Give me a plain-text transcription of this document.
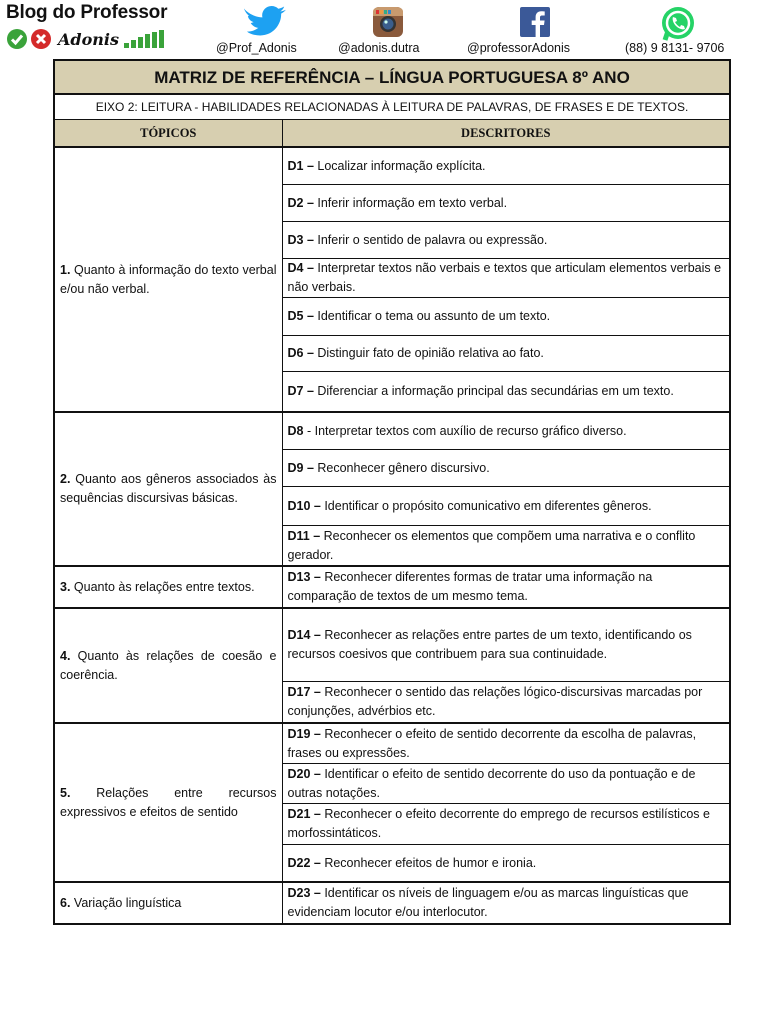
Blog do Professor
Adonis	@Prof_Adonis	@adonis.dutra	@professorAdonis	(88) 9 8131- 9706
MATRIZ DE REFERÊNCIA – LÍNGUA PORTUGUESA 8º ANO	
EIXO 2: LEITURA - HABILIDADES RELACIONADAS À LEITURA DE PALAVRAS, DE FRASES E DE TEXTOS.	
TÓPICOS	DESCRITORES
1. Quanto à informação do texto verbal e/ou não verbal.	D1 – Localizar informação explícita.
	D2 – Inferir informação em texto verbal.
	D3 – Inferir o sentido de palavra ou expressão.
	D4 – Interpretar textos não verbais e textos que articulam elementos verbais e não verbais.
	D5 – Identificar o tema ou assunto de um texto.
	D6 – Distinguir fato de opinião relativa ao fato.
	D7 – Diferenciar a informação principal das secundárias em um texto.
2. Quanto aos gêneros associados às sequências discursivas básicas.	D8 - Interpretar textos com auxílio de recurso gráfico diverso.
	D9 – Reconhecer gênero discursivo.
	D10 – Identificar o propósito comunicativo em diferentes gêneros.
	D11 – Reconhecer os elementos que compõem uma narrativa e o conflito gerador.
3. Quanto às relações entre textos.	D13 – Reconhecer diferentes formas de tratar uma informação na comparação de textos de um mesmo tema.
4. Quanto às relações de coesão e coerência.	D14 – Reconhecer as relações entre partes de um texto, identificando os recursos coesivos que contribuem para sua continuidade.
	D17 – Reconhecer o sentido das relações lógico-discursivas marcadas por conjunções, advérbios etc.
5. Relações entre recursos expressivos e efeitos de sentido	D19 – Reconhecer o efeito de sentido decorrente da escolha de palavras, frases ou expressões.
	D20 – Identificar o efeito de sentido decorrente do uso da pontuação e de outras notações.
	D21 – Reconhecer o efeito decorrente do emprego de recursos estilísticos e morfossintáticos.
	D22 – Reconhecer efeitos de humor e ironia.
6. Variação linguística	D23 – Identificar os níveis de linguagem e/ou as marcas linguísticas que evidenciam locutor e/ou interlocutor.
